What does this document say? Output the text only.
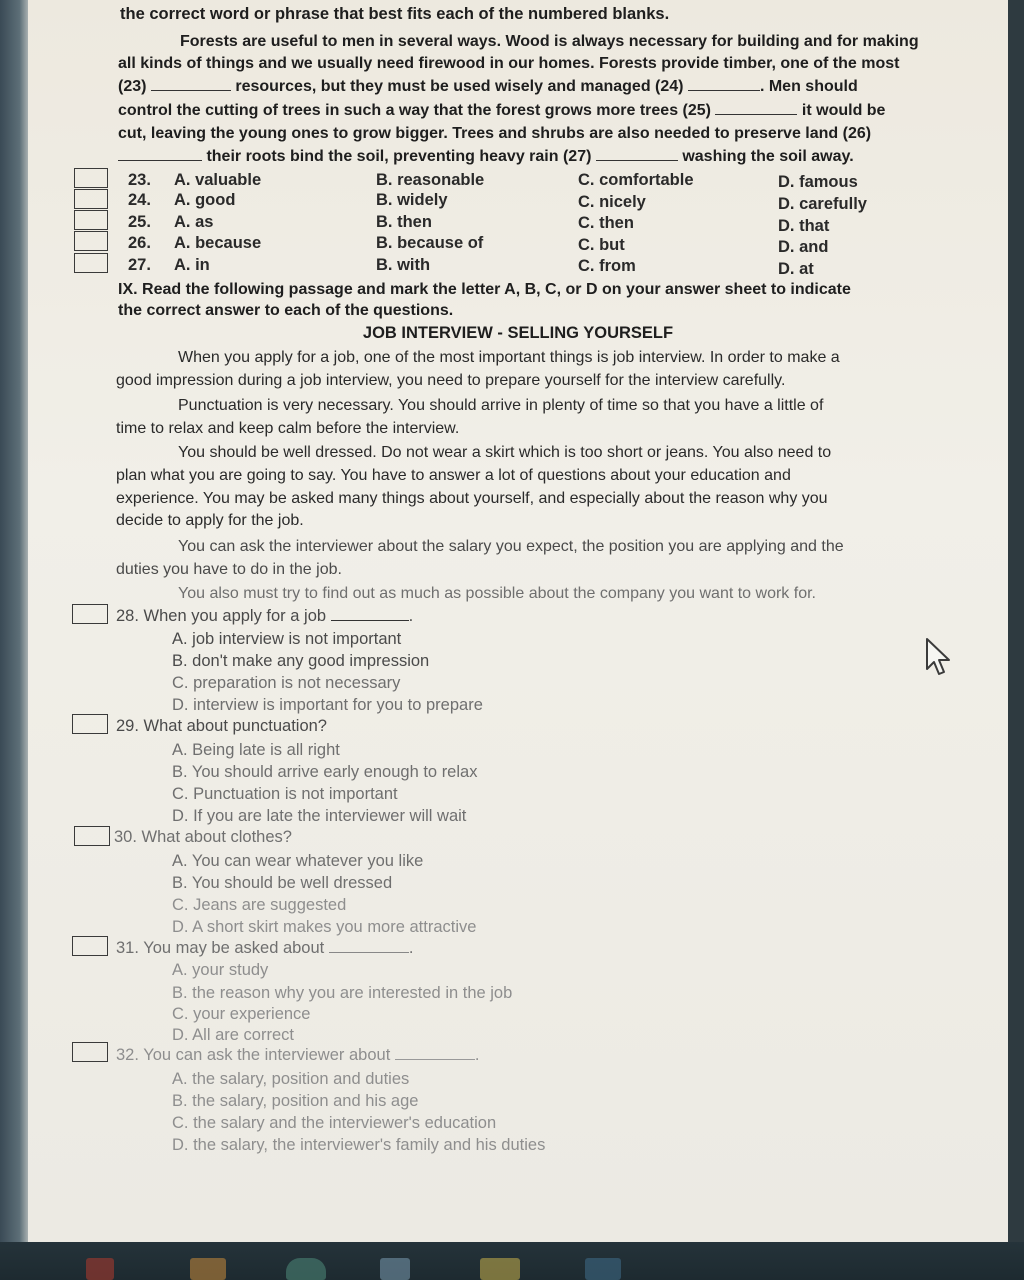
the correct word or phrase that best fits each of the numbered blanks.
Forests are useful to men in several ways. Wood is always necessary for building and for making
all kinds of things and we usually need firewood in our homes. Forests provide timber, one of the most
(23)	resources, but they must be used wisely and managed (24)	. Men should
control the cutting of trees in such a way that the forest grows more trees (25)	it would be
cut, leaving the young ones to grow bigger. Trees and shrubs are also needed to preserve land (26)
their roots bind the soil, preventing heavy rain (27)	washing the soil away.
23. A. valuable	B. reasonable	C. comfortable	D. famous
24. A. good	B. widely	C. nicely	D. carefully
25. A. as	B. then	C. then	D. that
26. A. because	B. because of	C. but	D. and
27. A. in	B. with	C. from	D. at
IX. Read the following passage and mark the letter A, B, C, or D on your answer sheet to indicate
the correct answer to each of the questions.
JOB INTERVIEW - SELLING YOURSELF
When you apply for a job, one of the most important things is job interview. In order to make a
good impression during a job interview, you need to prepare yourself for the interview carefully.
Punctuation is very necessary. You should arrive in plenty of time so that you have a little of
time to relax and keep calm before the interview.
You should be well dressed. Do not wear a skirt which is too short or jeans. You also need to
plan what you are going to say. You have to answer a lot of questions about your education and
experience. You may be asked many things about yourself, and especially about the reason why you
decide to apply for the job.
You can ask the interviewer about the salary you expect, the position you are applying and the
duties you have to do in the job.
You also must try to find out as much as possible about the company you want to work for.
28. When you apply for a job	.
A. job interview is not important
B. don't make any good impression
C. preparation is not necessary
D. interview is important for you to prepare
29. What about punctuation?
A. Being late is all right
B. You should arrive early enough to relax
C. Punctuation is not important
D. If you are late the interviewer will wait
30. What about clothes?
A. You can wear whatever you like
B. You should be well dressed
C. Jeans are suggested
D. A short skirt makes you more attractive
31. You may be asked about	.
A. your study
B. the reason why you are interested in the job
C. your experience
D. All are correct
32. You can ask the interviewer about	.
A. the salary, position and duties
B. the salary, position and his age
C. the salary and the interviewer's education
D. the salary, the interviewer's family and his duties
